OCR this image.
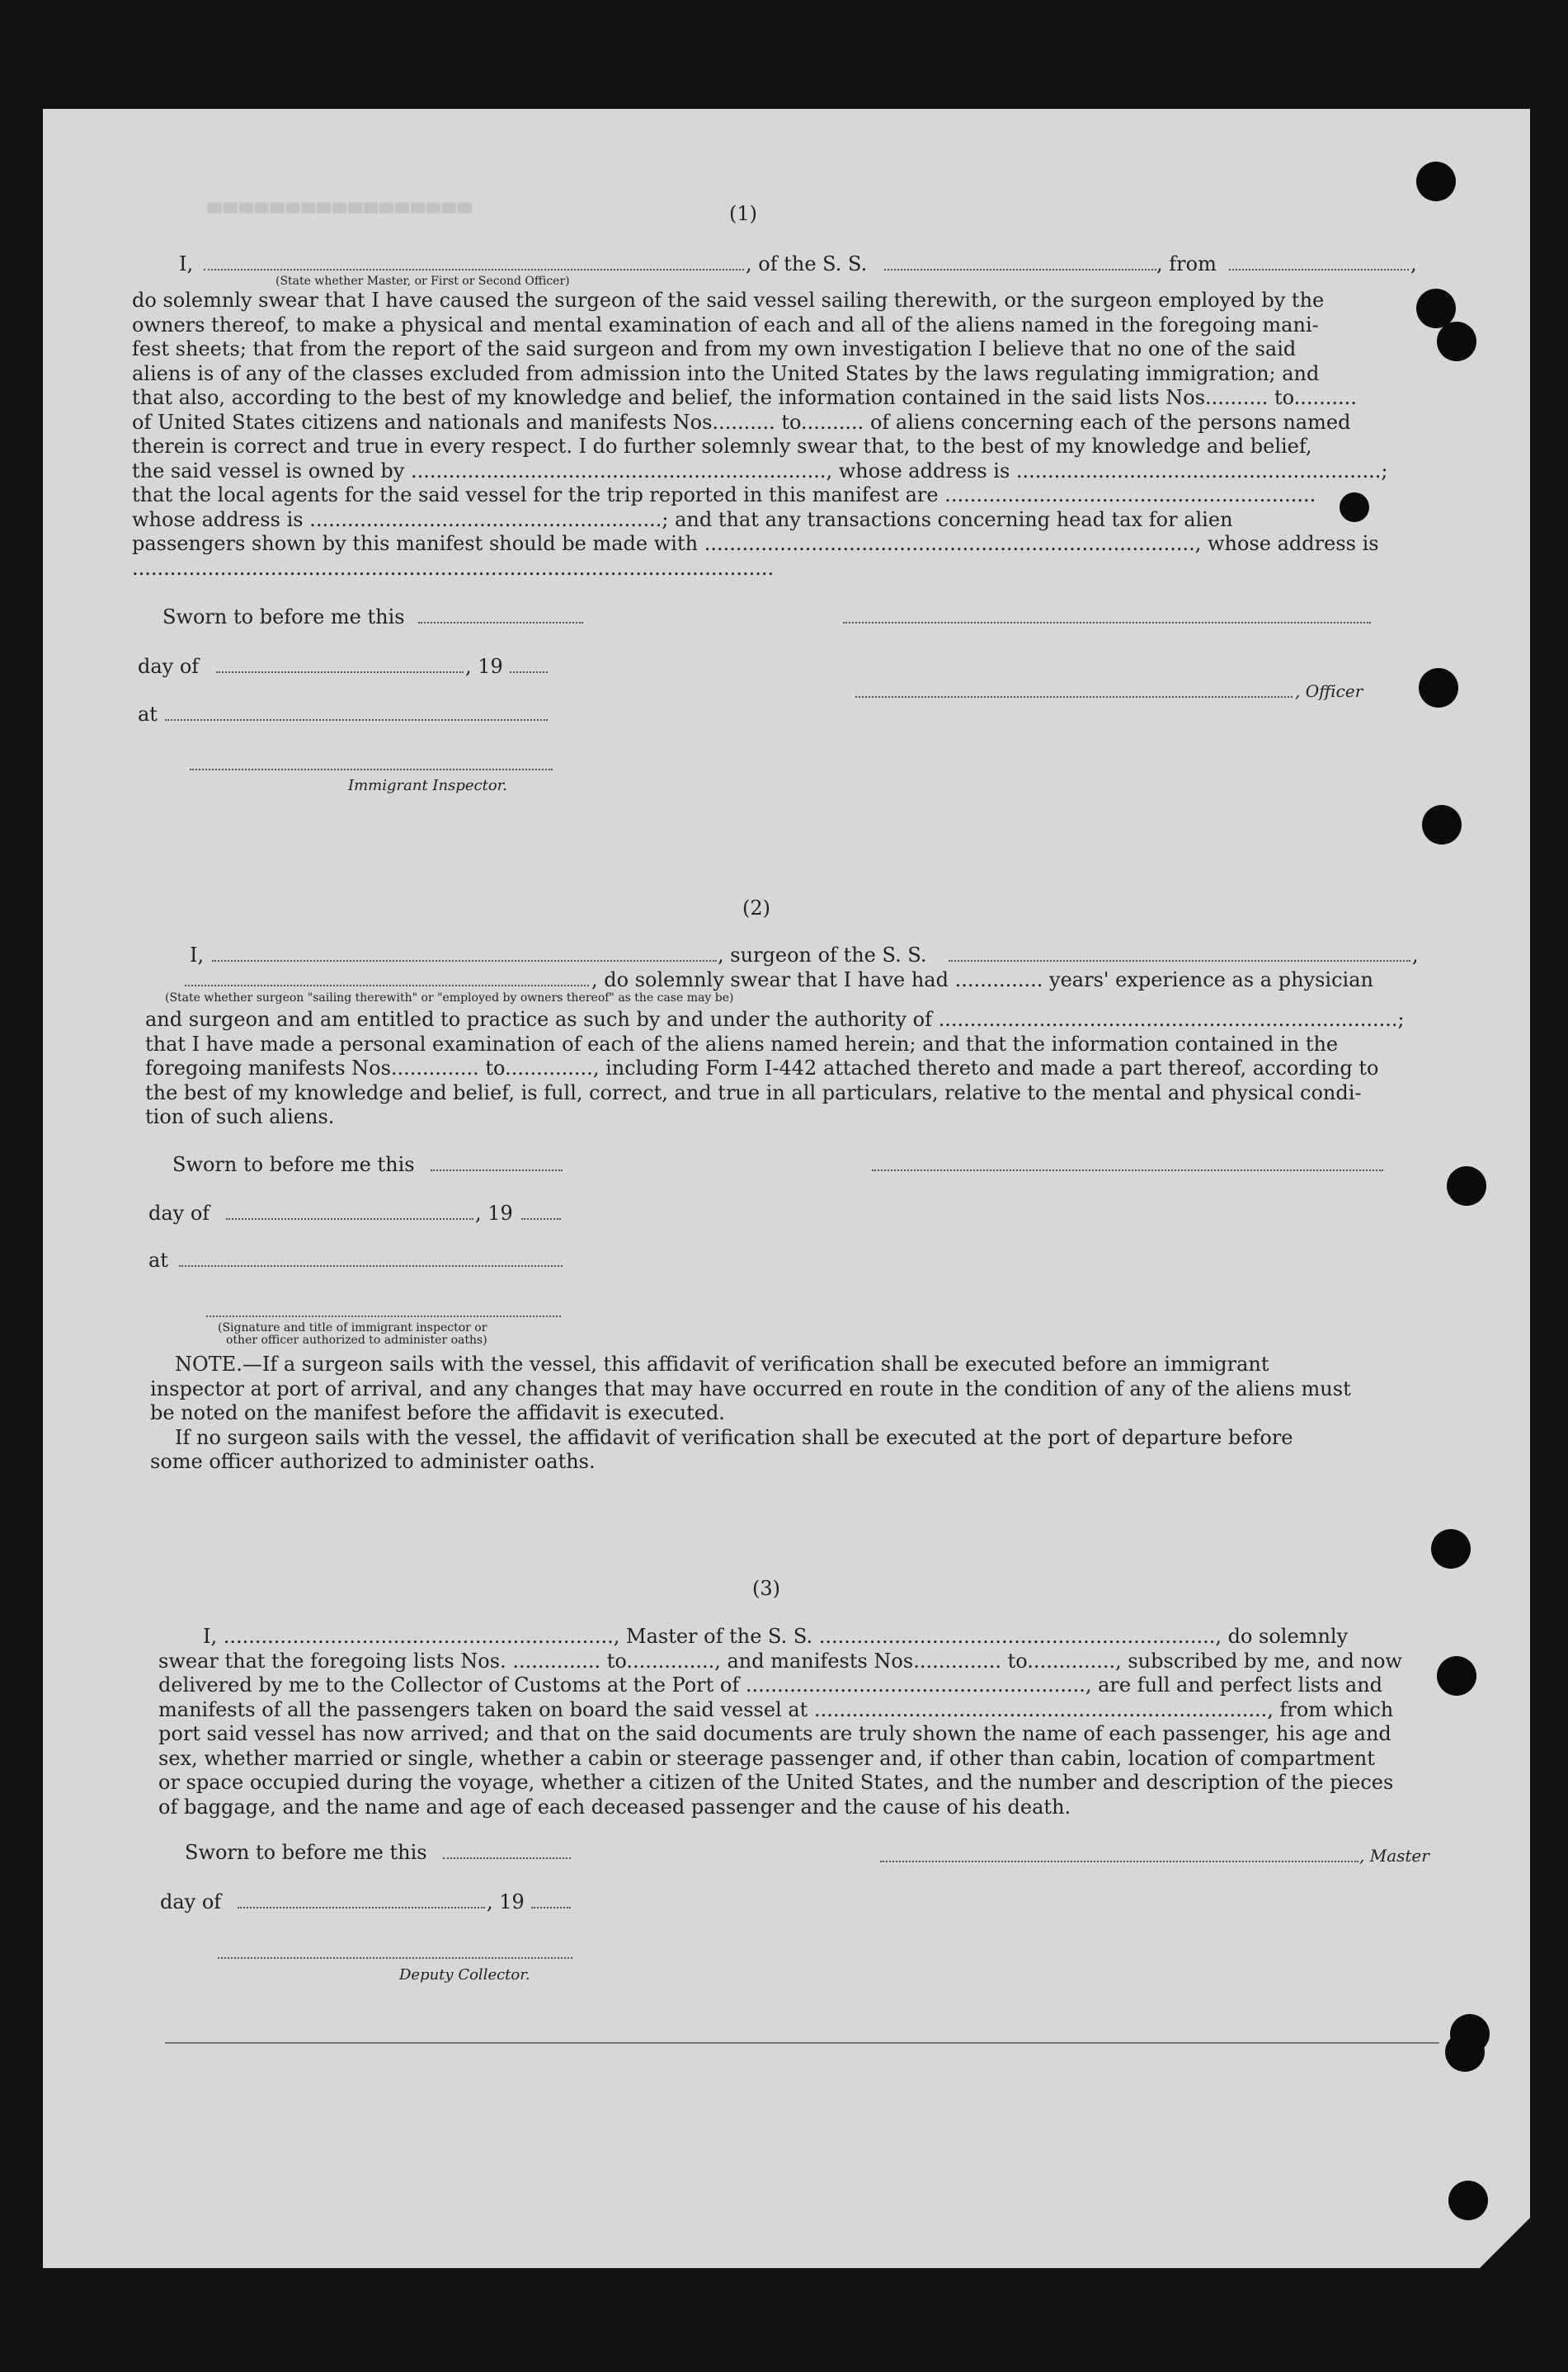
▀▀▀▀▀▀▀▀▀▀▀▀▀▀▀▀▀
(1)
I,	, of the S. S.	, from	,
(State whether Master, or First or Second Officer)
do solemnly swear that I have caused the surgeon of the said vessel sailing therewith, or the surgeon employed by the
owners thereof, to make a physical and mental examination of each and all of the aliens named in the foregoing mani-
fest sheets; that from the report of the said surgeon and from my own investigation I believe that no one of the said
aliens is of any of the classes excluded from admission into the United States by the laws regulating immigration; and
that also, according to the best of my knowledge and belief, the information contained in the said lists Nos.......... to..........
of United States citizens and nationals and manifests Nos.......... to.......... of aliens concerning each of the persons named
therein is correct and true in every respect. I do further solemnly swear that, to the best of my knowledge and belief,
the said vessel is owned by .................................................................., whose address is ..........................................................;
that the local agents for the said vessel for the trip reported in this manifest are ...........................................................
whose address is ........................................................; and that any transactions concerning head tax for alien
passengers shown by this manifest should be made with .............................................................................., whose address is
......................................................................................................
Sworn to before me this
day of	, 19
, Officer
at
Immigrant Inspector.
(2)
I,	, surgeon of the S. S.	,
, do solemnly swear that I have had .............. years' experience as a physician
(State whether surgeon "sailing therewith" or "employed by owners thereof" as the case may be)
and surgeon and am entitled to practice as such by and under the authority of .........................................................................;
that I have made a personal examination of each of the aliens named herein; and that the information contained in the
foregoing manifests Nos.............. to.............., including Form I-442 attached thereto and made a part thereof, according to
the best of my knowledge and belief, is full, correct, and true in all particulars, relative to the mental and physical condi-
tion of such aliens.
Sworn to before me this
day of	, 19
at
(Signature and title of immigrant inspector or
other officer authorized to administer oaths)
NOTE.—If a surgeon sails with the vessel, this affidavit of verification shall be executed before an immigrant
inspector at port of arrival, and any changes that may have occurred en route in the condition of any of the aliens must
be noted on the manifest before the affidavit is executed.
If no surgeon sails with the vessel, the affidavit of verification shall be executed at the port of departure before
some officer authorized to administer oaths.
(3)
I, .............................................................., Master of the S. S. ..............................................................., do solemnly
swear that the foregoing lists Nos. .............. to.............., and manifests Nos.............. to.............., subscribed by me, and now
delivered by me to the Collector of Customs at the Port of ......................................................, are full and perfect lists and
manifests of all the passengers taken on board the said vessel at ........................................................................, from which
port said vessel has now arrived; and that on the said documents are truly shown the name of each passenger, his age and
sex, whether married or single, whether a cabin or steerage passenger and, if other than cabin, location of compartment
or space occupied during the voyage, whether a citizen of the United States, and the number and description of the pieces
of baggage, and the name and age of each deceased passenger and the cause of his death.
Sworn to before me this	, Master
day of	, 19
Deputy Collector.
